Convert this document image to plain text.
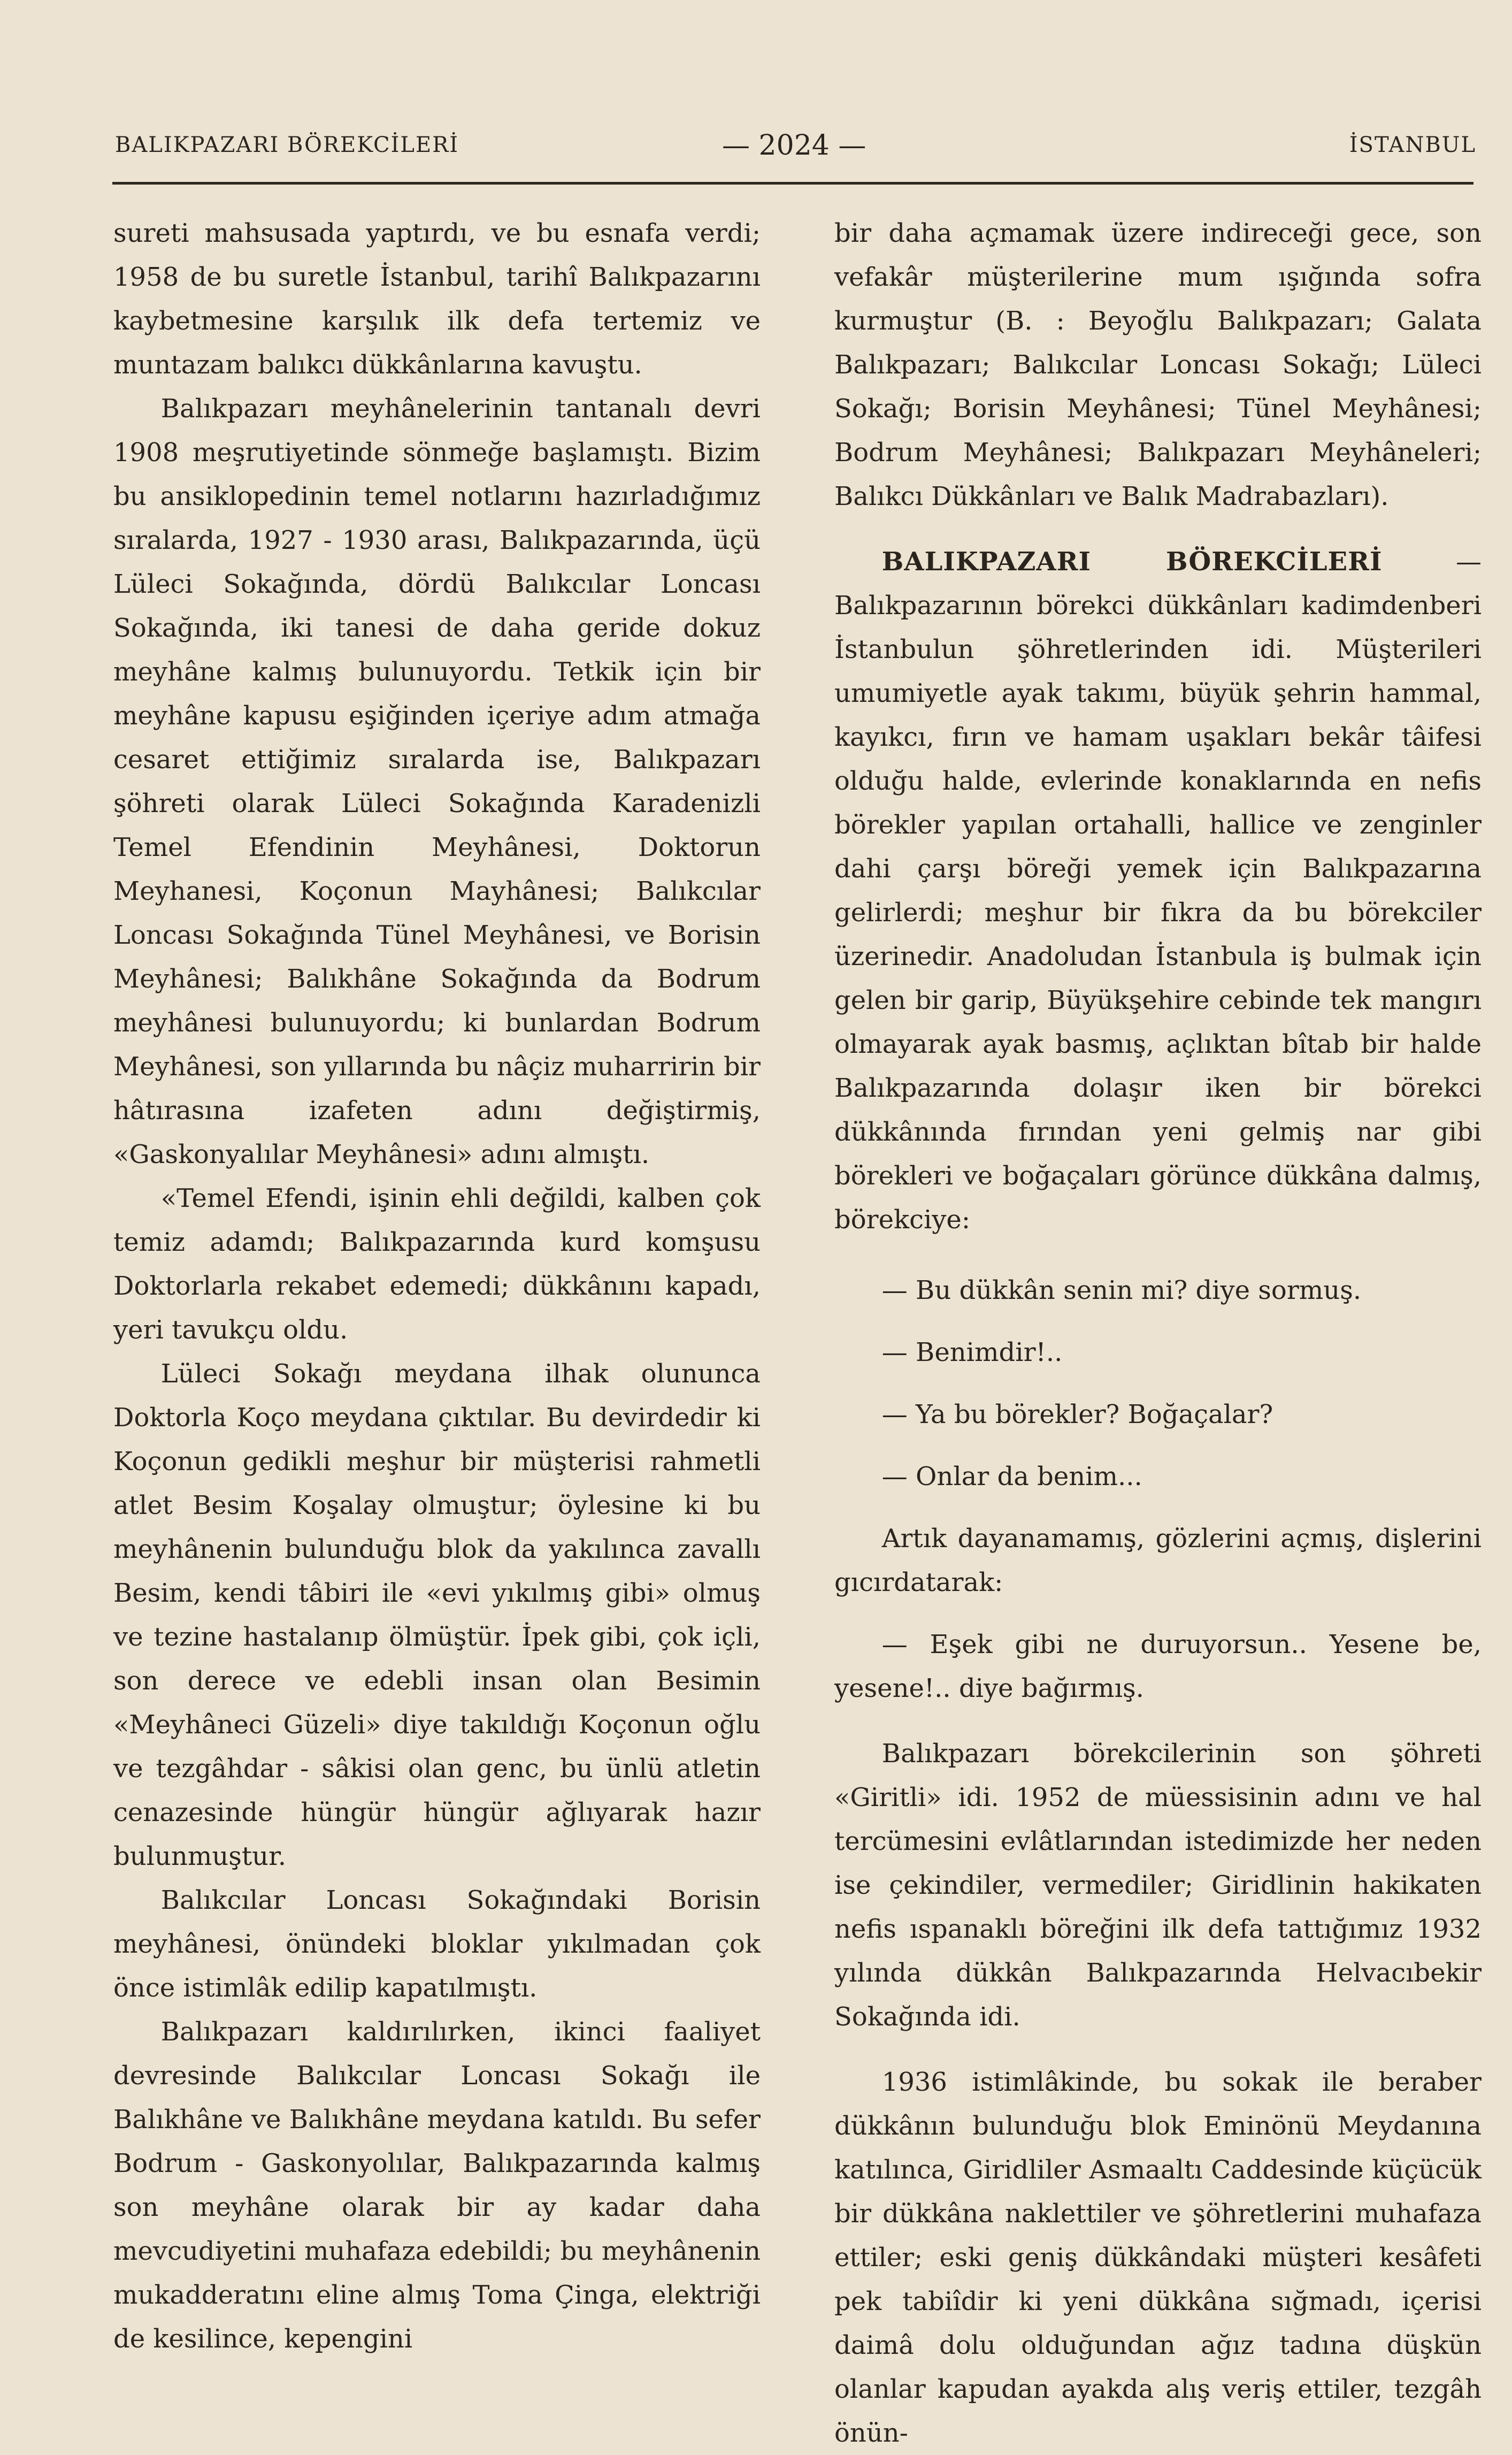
BALIKPAZARI BÖREKCİLERİ	— 2024 —	İSTANBUL

sureti mahsusada yaptırdı, ve bu esnafa verdi; 1958 de bu suretle İstanbul, tarihî Balıkpazarını kaybetmesine karşılık ilk defa tertemiz ve muntazam balıkcı dükkânlarına kavuştu.

Balıkpazarı meyhânelerinin tantanalı devri 1908 meşrutiyetinde sönmeğe başlamıştı. Bizim bu ansiklopedinin temel notlarını hazırladığımız sıralarda, 1927 - 1930 arası, Balıkpazarında, üçü Lüleci Sokağında, dördü Balıkcılar Loncası Sokağında, iki tanesi de daha geride dokuz meyhâne kalmış bulunuyordu. Tetkik için bir meyhâne kapusu eşiğinden içeriye adım atmağa cesaret ettiğimiz sıralarda ise, Balıkpazarı şöhreti olarak Lüleci Sokağında Karadenizli Temel Efendinin Meyhânesi, Doktorun Meyhanesi, Koçonun Mayhânesi; Balıkcılar Loncası Sokağında Tünel Meyhânesi, ve Borisin Meyhânesi; Balıkhâne Sokağında da Bodrum meyhânesi bulunuyordu; ki bunlardan Bodrum Meyhânesi, son yıllarında bu nâçiz muharririn bir hâtırasına izafeten adını değiştirmiş, «Gaskonyalılar Meyhânesi» adını almıştı.

«Temel Efendi, işinin ehli değildi, kalben çok temiz adamdı; Balıkpazarında kurd komşusu Doktorlarla rekabet edemedi; dükkânını kapadı, yeri tavukçu oldu.

Lüleci Sokağı meydana ilhak olununca Doktorla Koço meydana çıktılar. Bu devirdedir ki Koçonun gedikli meşhur bir müşterisi rahmetli atlet Besim Koşalay olmuştur; öylesine ki bu meyhânenin bulunduğu blok da yakılınca zavallı Besim, kendi tâbiri ile «evi yıkılmış gibi» olmuş ve tezine hastalanıp ölmüştür. İpek gibi, çok içli, son derece ve edebli insan olan Besimin «Meyhâneci Güzeli» diye takıldığı Koçonun oğlu ve tezgâhdar - sâkisi olan genc, bu ünlü atletin cenazesinde hüngür hüngür ağlıyarak hazır bulunmuştur.

Balıkcılar Loncası Sokağındaki Borisin meyhânesi, önündeki bloklar yıkılmadan çok önce istimlâk edilip kapatılmıştı.

Balıkpazarı kaldırılırken, ikinci faaliyet devresinde Balıkcılar Loncası Sokağı ile Balıkhâne ve Balıkhâne meydana katıldı. Bu sefer Bodrum - Gaskonyolılar, Balıkpazarında kalmış son meyhâne olarak bir ay kadar daha mevcudiyetini muhafaza edebildi; bu meyhânenin mukadderatını eline almış Toma Çinga, elektriği de kesilince, kepengini

bir daha açmamak üzere indireceği gece, son vefakâr müşterilerine mum ışığında sofra kurmuştur (B. : Beyoğlu Balıkpazarı; Galata Balıkpazarı; Balıkcılar Loncası Sokağı; Lüleci Sokağı; Borisin Meyhânesi; Tünel Meyhânesi; Bodrum Meyhânesi; Balıkpazarı Meyhâneleri; Balıkcı Dükkânları ve Balık Madrabazları).

BALIKPAZARI BÖREKCİLERİ — Balıkpazarının börekci dükkânları kadimdenberi İstanbulun şöhretlerinden idi. Müşterileri umumiyetle ayak takımı, büyük şehrin hammal, kayıkcı, fırın ve hamam uşakları bekâr tâifesi olduğu halde, evlerinde konaklarında en nefis börekler yapılan ortahalli, hallice ve zenginler dahi çarşı böreği yemek için Balıkpazarına gelirlerdi; meşhur bir fıkra da bu börekciler üzerinedir. Anadoludan İstanbula iş bulmak için gelen bir garip, Büyükşehire cebinde tek mangırı olmayarak ayak basmış, açlıktan bîtab bir halde Balıkpazarında dolaşır iken bir börekci dükkânında fırından yeni gelmiş nar gibi börekleri ve boğaçaları görünce dükkâna dalmış, börekciye:

— Bu dükkân senin mi? diye sormuş.

— Benimdir!..

— Ya bu börekler? Boğaçalar?

— Onlar da benim...

Artık dayanamamış, gözlerini açmış, dişlerini gıcırdatarak:

— Eşek gibi ne duruyorsun.. Yesene be, yesene!.. diye bağırmış.

Balıkpazarı börekcilerinin son şöhreti «Giritli» idi. 1952 de müessisinin adını ve hal tercümesini evlâtlarından istedimizde her neden ise çekindiler, vermediler; Giridlinin hakikaten nefis ıspanaklı böreğini ilk defa tattığımız 1932 yılında dükkân Balıkpazarında Helvacıbekir Sokağında idi.

1936 istimlâkinde, bu sokak ile beraber dükkânın bulunduğu blok Eminönü Meydanına katılınca, Giridliler Asmaaltı Caddesinde küçücük bir dükkâna naklettiler ve şöhretlerini muhafaza ettiler; eski geniş dükkândaki müşteri kesâfeti pek tabiîdir ki yeni dükkâna sığmadı, içerisi daimâ dolu olduğundan ağız tadına düşkün olanlar kapudan ayakda alış veriş ettiler, tezgâh önün-
